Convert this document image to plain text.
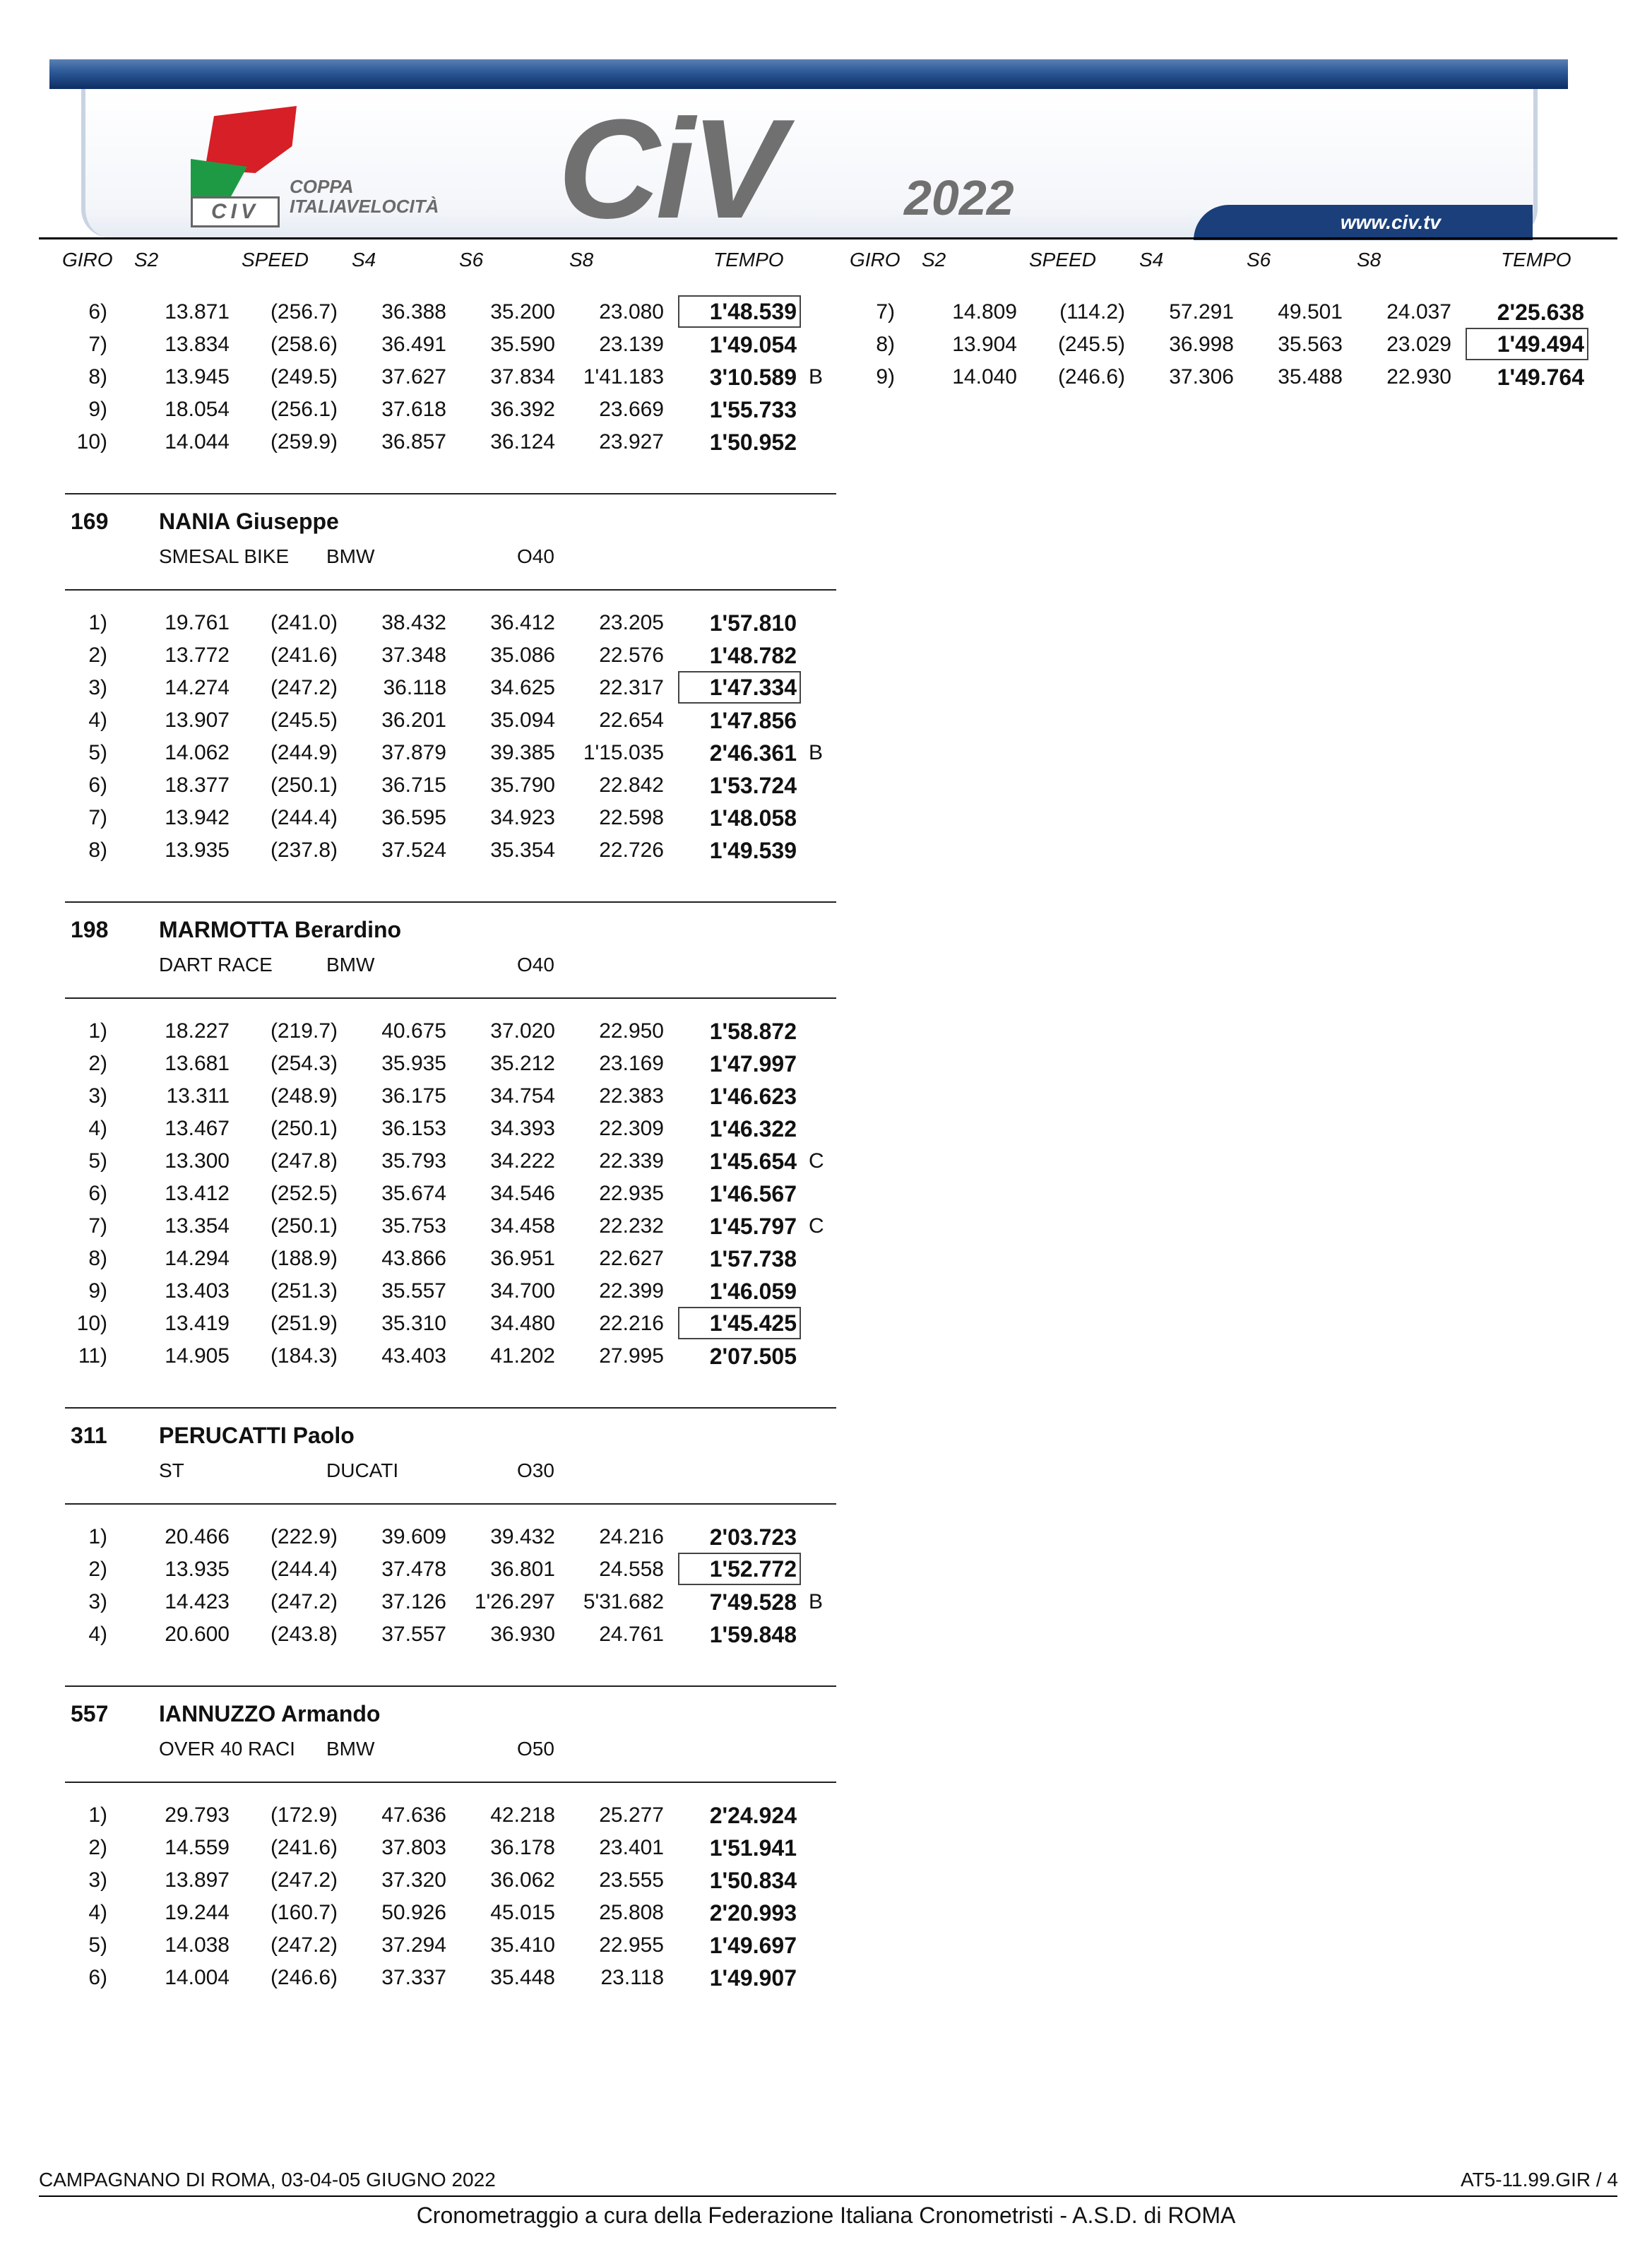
CIV
COPPA
ITALIAVELOCITÀ CiV 2022	www.civ.tv
GIRO S2	SPEED S4	S6	S8	TEMPO	GIRO S2	SPEED S4	S6	S8	TEMPO
6)	13.871	(256.7)	36.388	35.200	23.080	1'48.539
7)	13.834	(258.6)	36.491	35.590	23.139	1'49.054
8)	13.945	(249.5)	37.627	37.834	1'41.183	3'10.589 B
9)	18.054	(256.1)	37.618	36.392	23.669	1'55.733
10)	14.044	(259.9)	36.857	36.124	23.927	1'50.952
7)	14.809	(114.2)	57.291	49.501	24.037	2'25.638
8)	13.904	(245.5)	36.998	35.563	23.029	1'49.494
9)	14.040	(246.6)	37.306	35.488	22.930	1'49.764
169 NANIA Giuseppe
SMESAL BIKE BMW	O40
1)	19.761	(241.0)	38.432	36.412	23.205	1'57.810
2)	13.772	(241.6)	37.348	35.086	22.576	1'48.782
3)	14.274	(247.2)	36.118	34.625	22.317	1'47.334
4)	13.907	(245.5)	36.201	35.094	22.654	1'47.856
5)	14.062	(244.9)	37.879	39.385	1'15.035	2'46.361 B
6)	18.377	(250.1)	36.715	35.790	22.842	1'53.724
7)	13.942	(244.4)	36.595	34.923	22.598	1'48.058
8)	13.935	(237.8)	37.524	35.354	22.726	1'49.539
198 MARMOTTA Berardino
DART RACE	BMW	O40
1)	18.227	(219.7)	40.675	37.020	22.950	1'58.872
2)	13.681	(254.3)	35.935	35.212	23.169	1'47.997
3)	13.311	(248.9)	36.175	34.754	22.383	1'46.623
4)	13.467	(250.1)	36.153	34.393	22.309	1'46.322
5)	13.300	(247.8)	35.793	34.222	22.339	1'45.654 C
6)	13.412	(252.5)	35.674	34.546	22.935	1'46.567
7)	13.354	(250.1)	35.753	34.458	22.232	1'45.797 C
8)	14.294	(188.9)	43.866	36.951	22.627	1'57.738
9)	13.403	(251.3)	35.557	34.700	22.399	1'46.059
10)	13.419	(251.9)	35.310	34.480	22.216	1'45.425
11)	14.905	(184.3)	43.403	41.202	27.995	2'07.505
311 PERUCATTI Paolo
ST	DUCATI	O30
1)	20.466	(222.9)	39.609	39.432	24.216	2'03.723
2)	13.935	(244.4)	37.478	36.801	24.558	1'52.772
3)	14.423	(247.2)	37.126	1'26.297	5'31.682	7'49.528 B
4)	20.600	(243.8)	37.557	36.930	24.761	1'59.848
557 IANNUZZO Armando
OVER 40 RACI BMW	O50
1)	29.793	(172.9)	47.636	42.218	25.277	2'24.924
2)	14.559	(241.6)	37.803	36.178	23.401	1'51.941
3)	13.897	(247.2)	37.320	36.062	23.555	1'50.834
4)	19.244	(160.7)	50.926	45.015	25.808	2'20.993
5)	14.038	(247.2)	37.294	35.410	22.955	1'49.697
6)	14.004	(246.6)	37.337	35.448	23.118	1'49.907
CAMPAGNANO DI ROMA, 03-04-05 GIUGNO 2022	AT5-11.99.GIR / 4
Cronometraggio a cura della Federazione Italiana Cronometristi - A.S.D. di ROMA
